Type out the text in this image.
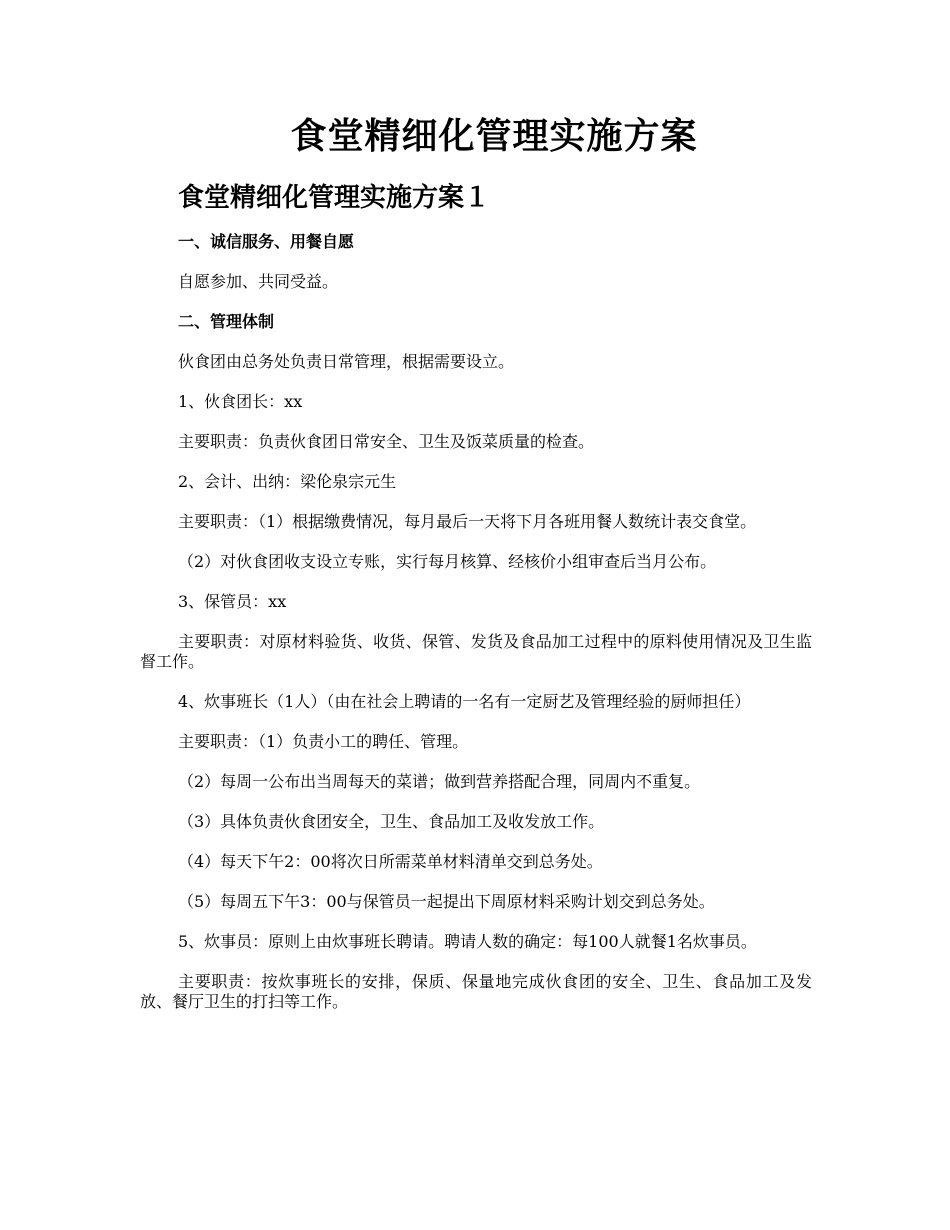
食堂精细化管理实施方案
食堂精细化管理实施方案１

一、诚信服务、用餐自愿

自愿参加、共同受益。

二、管理体制

伙食团由总务处负责日常管理，根据需要设立。

1、伙食团长：xx

主要职责：负责伙食团日常安全、卫生及饭菜质量的检查。

2、会计、出纳：梁伦泉宗元生

主要职责：（1）根据缴费情况，每月最后一天将下月各班用餐人数统计表交食堂。

（2）对伙食团收支设立专账，实行每月核算、经核价小组审查后当月公布。

3、保管员：xx

主要职责：对原材料验货、收货、保管、发货及食品加工过程中的原料使用情况及卫生监督工作。

4、炊事班长（1人）（由在社会上聘请的一名有一定厨艺及管理经验的厨师担任）

主要职责：（1）负责小工的聘任、管理。

（2）每周一公布出当周每天的菜谱；做到营养搭配合理，同周内不重复。

（3）具体负责伙食团安全，卫生、食品加工及收发放工作。

（4）每天下午2：00将次日所需菜单材料清单交到总务处。

（5）每周五下午3：00与保管员一起提出下周原材料采购计划交到总务处。

5、炊事员：原则上由炊事班长聘请。聘请人数的确定：每100人就餐1名炊事员。

主要职责：按炊事班长的安排，保质、保量地完成伙食团的安全、卫生、食品加工及发放、餐厅卫生的打扫等工作。
